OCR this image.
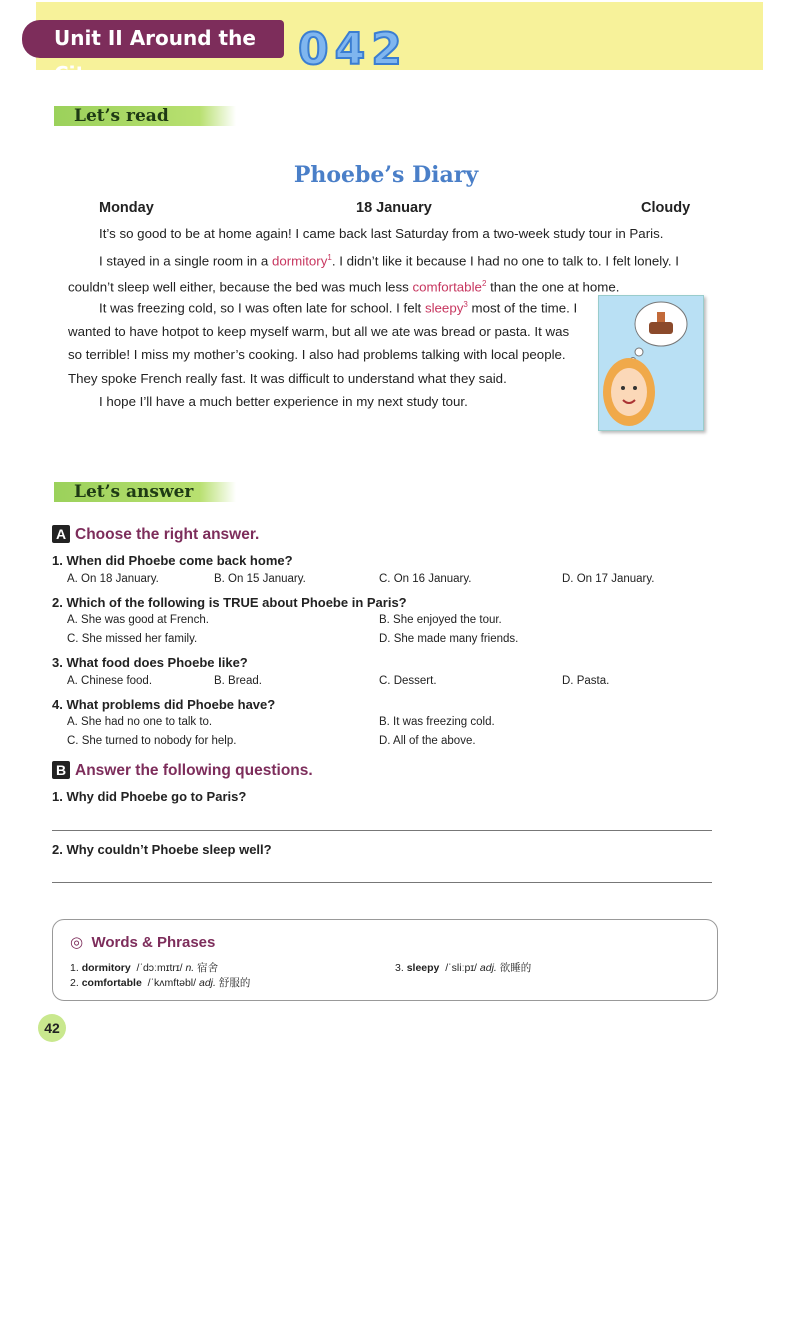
Unit II Around the City	042
Let’s read
Phoebe’s Diary
Monday	18 January	Cloudy

It’s so good to be at home again! I came back last Saturday from a two-week study tour in Paris.

I stayed in a single room in a dormitory$^1$. I didn’t like it because I had no one to talk to. I felt lonely. I couldn’t sleep well either, because the bed was much less comfortable$^2$ than the one at home.

It was freezing cold, so I was often late for school. I felt sleepy$^3$ most of the time. I wanted to have hotpot to keep myself warm, but all we ate was bread or pasta. It was so terrible! I miss my mother’s cooking. I also had problems talking with local people. They spoke French really fast. It was difficult to understand what they said.

I hope I’ll have a much better experience in my next study tour.

Let’s answer
A Choose the right answer.
1. When did Phoebe come back home?
A. On 18 January.	B. On 15 January.	C. On 16 January.	D. On 17 January.
2. Which of the following is TRUE about Phoebe in Paris?
A. She was good at French.	B. She enjoyed the tour.
C. She missed her family.	D. She made many friends.
3. What food does Phoebe like?
A. Chinese food.	B. Bread.	C. Dessert.	D. Pasta.
4. What problems did Phoebe have?
A. She had no one to talk to.	B. It was freezing cold.
C. She turned to nobody for help.	D. All of the above.
B Answer the following questions.
1. Why did Phoebe go to Paris?
2. Why couldn’t Phoebe sleep well?
◎ Words & Phrases
1. dormitory /ˈdɔːmɪtrɪ/ n. 宿舍
2. comfortable /ˈkʌmftəbl/ adj. 舒服的
3. sleepy /ˈsliːpɪ/ adj. 欲睡的
42
